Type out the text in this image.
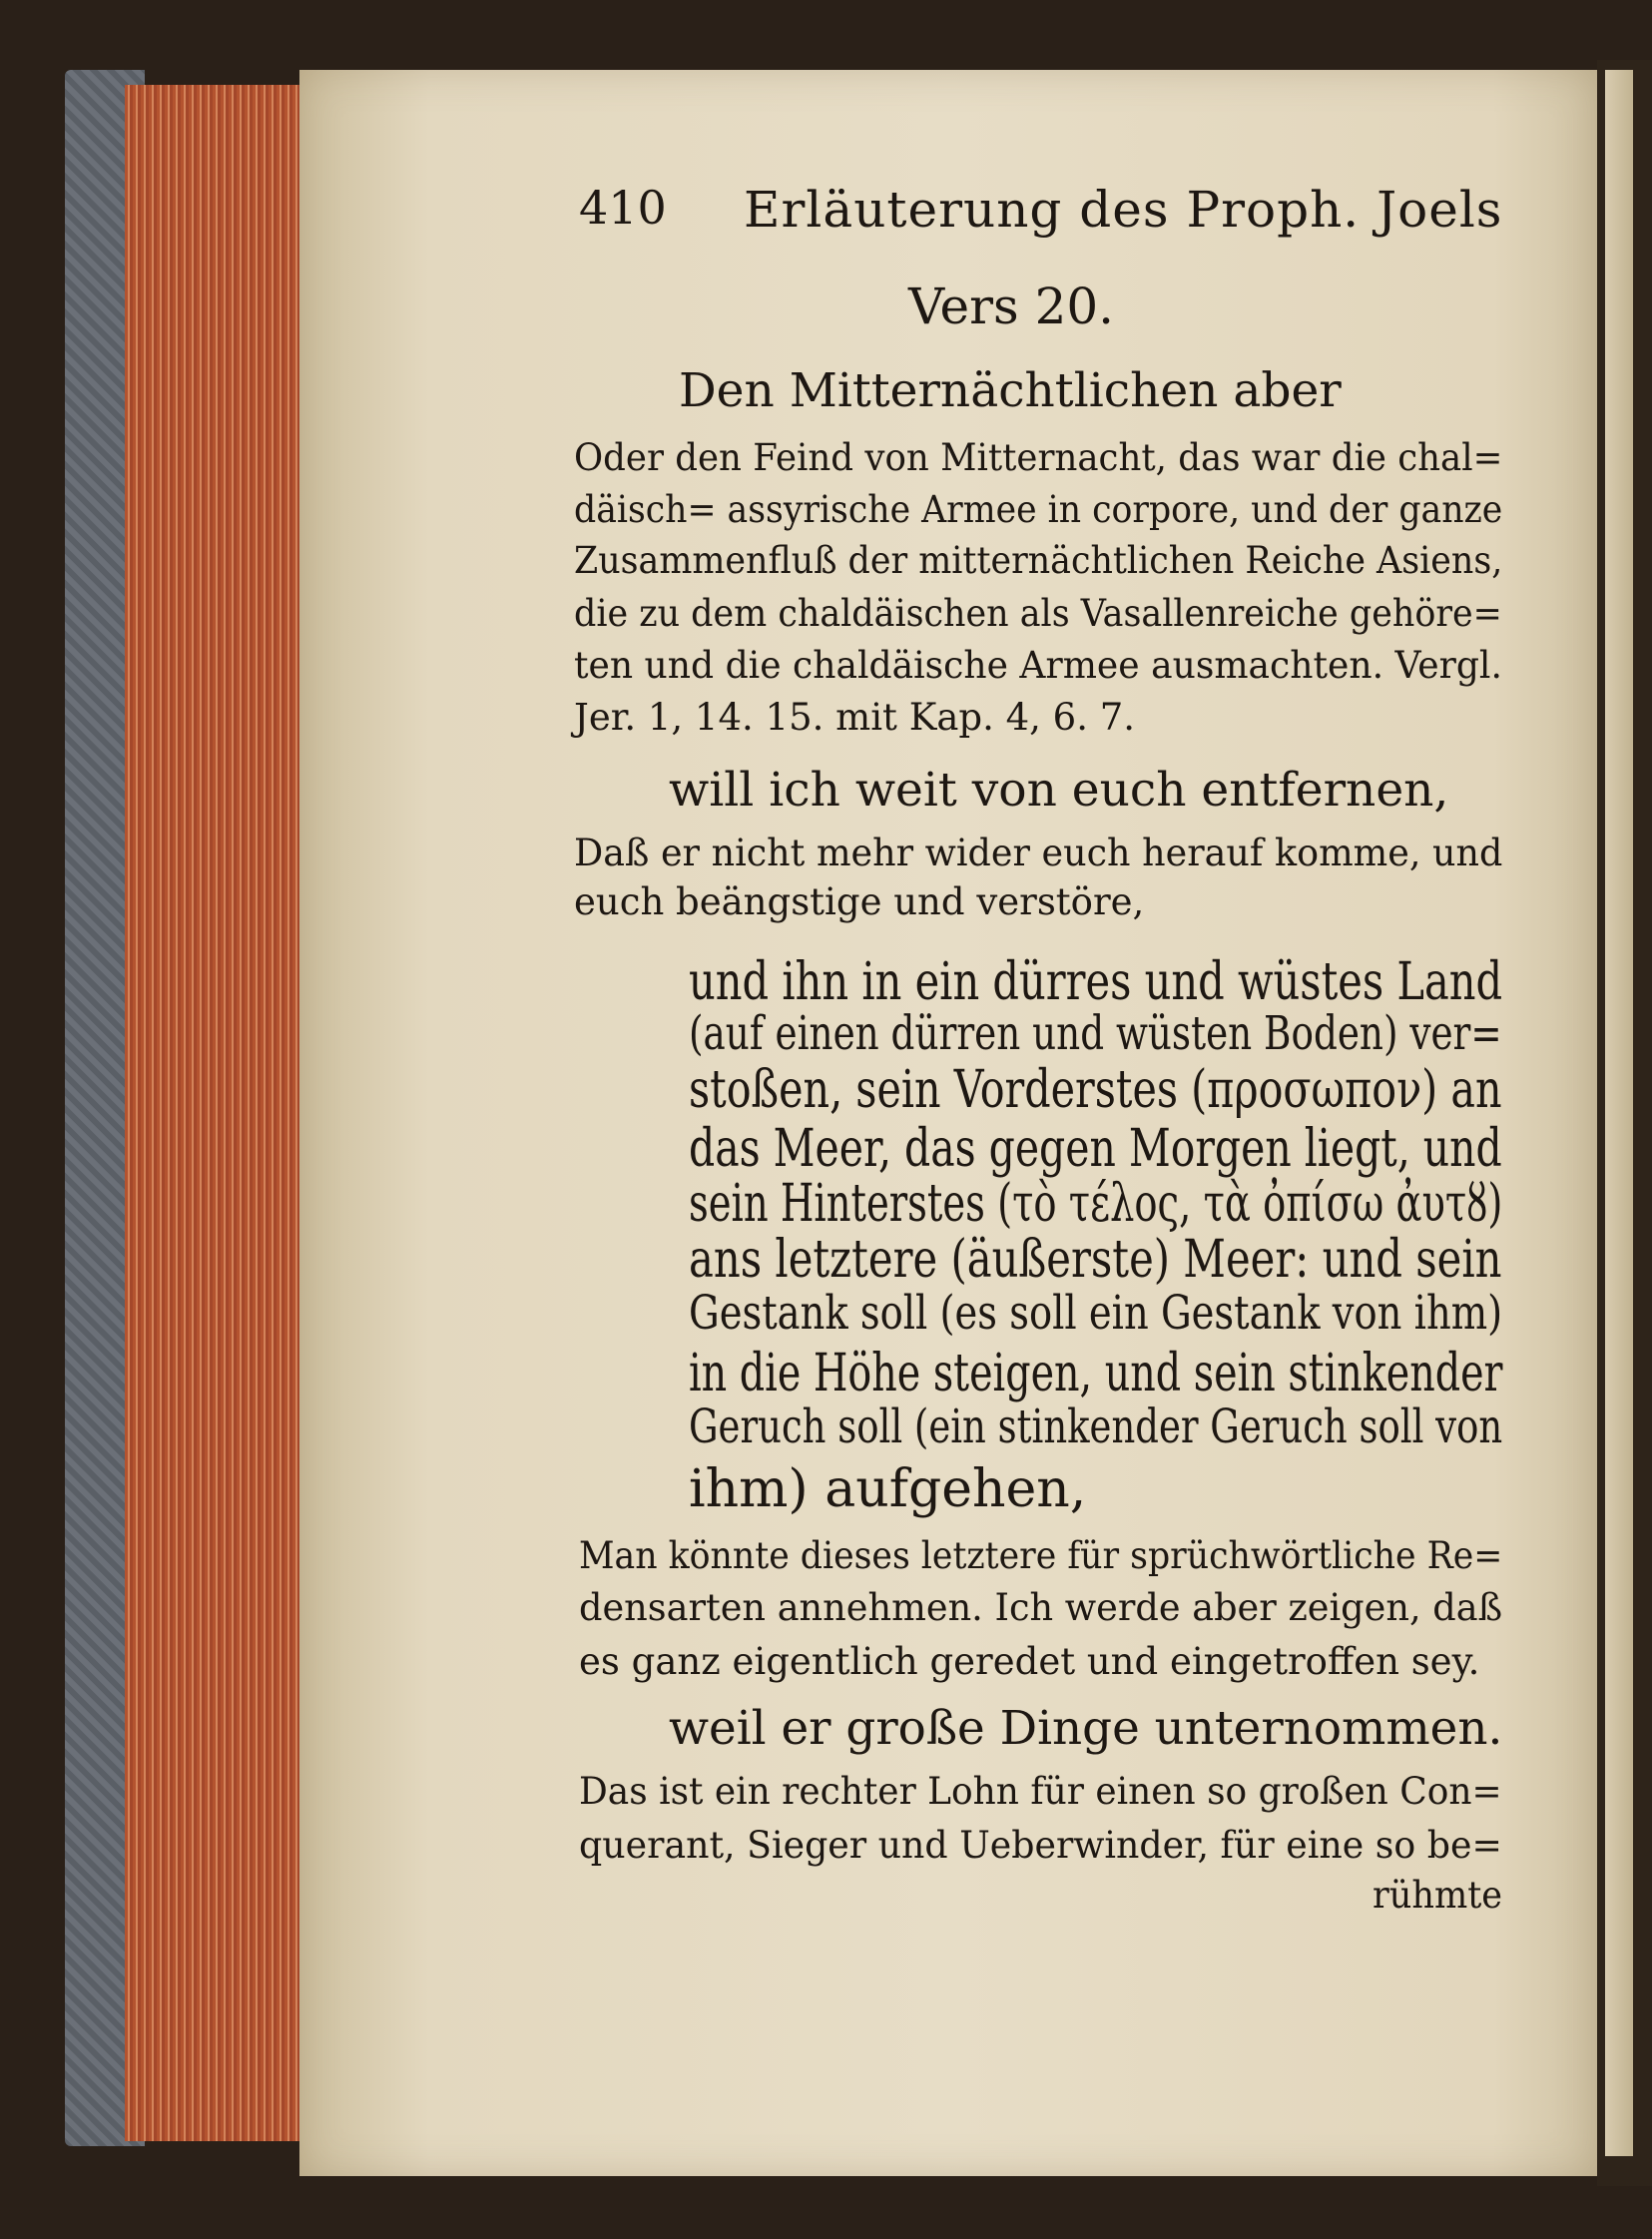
410 Erläuterung des Proph. Joels
Vers 20.
Den Mitternächtlichen aber
Oder den Feind von Mitternacht, das war die chal=
däisch= assyrische Armee in corpore, und der ganze
Zusammenfluß der mitternächtlichen Reiche Asiens,
die zu dem chaldäischen als Vasallenreiche gehöre=
ten und die chaldäische Armee ausmachten. Vergl.
Jer. 1, 14. 15. mit Kap. 4, 6. 7.
will ich weit von euch entfernen,
Daß er nicht mehr wider euch herauf komme, und
euch beängstige und verstöre,
und ihn in ein dürres und wüstes Land
(auf einen dürren und wüsten Boden) ver=
stoßen, sein Vorderstes (προσωπον) an
das Meer, das gegen Morgen liegt, und
sein Hinterstes (τὸ τέλος, τὰ ὀπίσω ἀυτȣ)
ans letztere (äußerste) Meer: und sein
Gestank soll (es soll ein Gestank von ihm)
in die Höhe steigen, und sein stinkender
Geruch soll (ein stinkender Geruch soll von
ihm) aufgehen,
Man könnte dieses letztere für sprüchwörtliche Re=
densarten annehmen. Ich werde aber zeigen, daß
es ganz eigentlich geredet und eingetroffen sey.
weil er große Dinge unternommen.
Das ist ein rechter Lohn für einen so großen Con=
querant, Sieger und Ueberwinder, für eine so be=
rühmte
